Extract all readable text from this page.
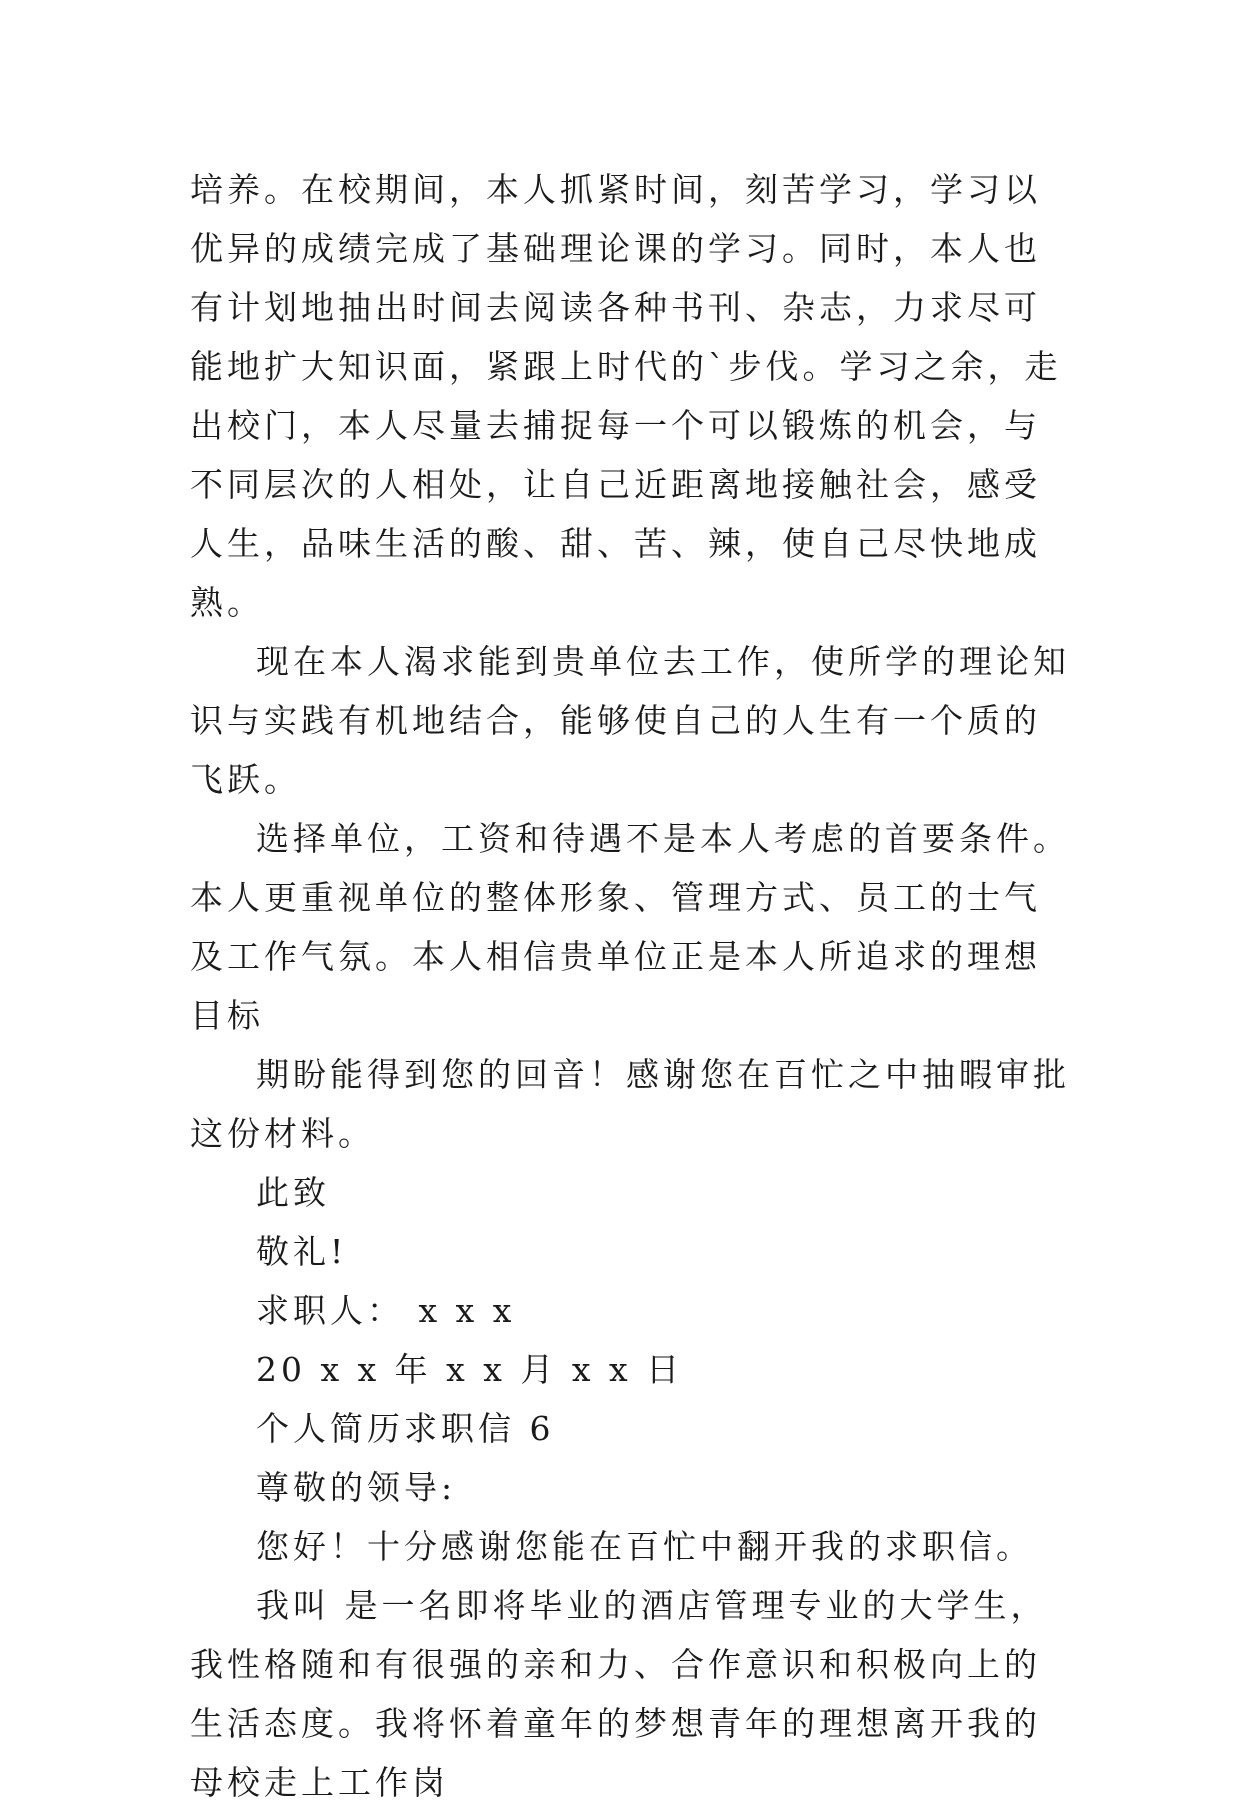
培养。在校期间，本人抓紧时间，刻苦学习，学习以优异的成绩完成了基础理论课的学习。同时，本人也有计划地抽出时间去阅读各种书刊、杂志，力求尽可能地扩大知识面，紧跟上时代的`步伐。学习之余，走出校门，本人尽量去捕捉每一个可以锻炼的机会，与不同层次的人相处，让自己近距离地接触社会，感受人生，品味生活的酸、甜、苦、辣，使自己尽快地成熟。

现在本人渴求能到贵单位去工作，使所学的理论知识与实践有机地结合，能够使自己的人生有一个质的飞跃。

选择单位，工资和待遇不是本人考虑的首要条件。本人更重视单位的整体形象、管理方式、员工的士气及工作气氛。本人相信贵单位正是本人所追求的理想目标

期盼能得到您的回音！感谢您在百忙之中抽暇审批这份材料。

此致

敬礼!

求职人： x x x

20 x x 年 x x 月 x x 日

个人简历求职信 6

尊敬的领导:

您好！十分感谢您能在百忙中翻开我的求职信。

我叫 是一名即将毕业的酒店管理专业的大学生，我性格随和有很强的亲和力、合作意识和积极向上的生活态度。我将怀着童年的梦想青年的理想离开我的母校走上工作岗
